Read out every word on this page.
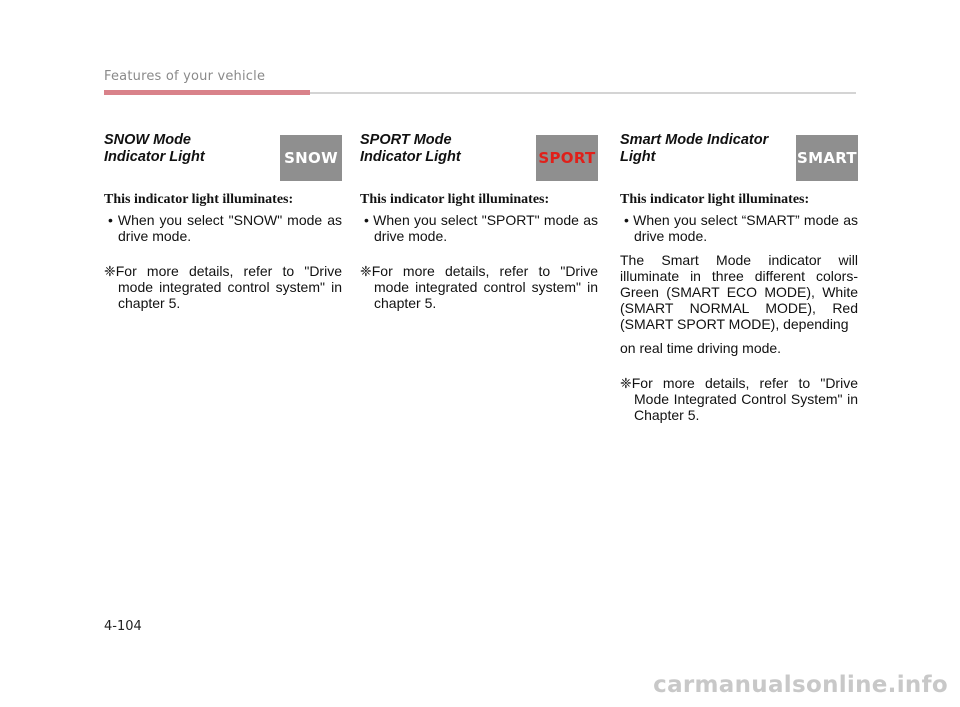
Features of your vehicle
SNOW Mode Indicator Light	SNOW

This indicator light illuminates:

• When you select "SNOW" mode as drive mode.

❈For more details, refer to "Drive mode integrated control system" in chapter 5.

SPORT Mode Indicator Light	SPORT

This indicator light illuminates:

• When you select "SPORT" mode as drive mode.

❈For more details, refer to "Drive mode integrated control system" in chapter 5.

Smart Mode Indicator Light	SMART

This indicator light illuminates:

• When you select “SMART” mode as drive mode.

The Smart Mode indicator will illuminate in three different colors- Green (SMART ECO MODE), White (SMART NORMAL MODE), Red (SMART SPORT MODE), depending

on real time driving mode.

❈For more details, refer to "Drive Mode Integrated Control System" in Chapter 5.

4-104
carmanualsonline.info
